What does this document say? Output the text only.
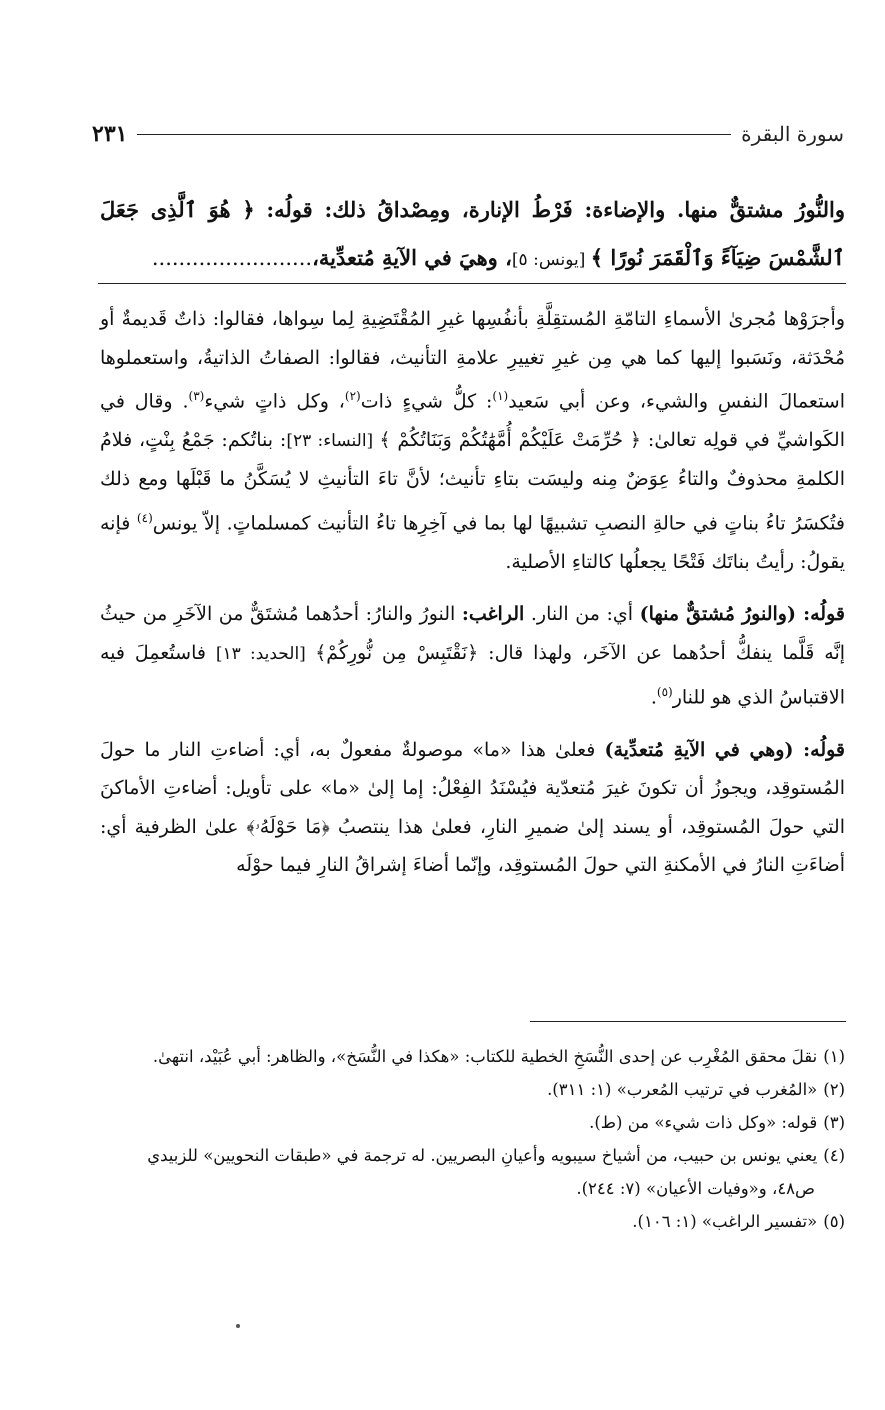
سورة البقرة
٢٣١
والنُّورُ مشتقٌّ منها. والإضاءة: فَرْطُ الإنارة، ومِصْداقُ ذلك: قولُه: ﴿ هُوَ ٱلَّذِى جَعَلَ ٱلشَّمْسَ ضِيَآءً وَٱلْقَمَرَ نُورًا ﴾ [يونس: ٥]، وهيَ في الآيةِ مُتعدِّية،........................

وأجرَوْها مُجرىٰ الأسماءِ التامّةِ المُستقِلَّةِ بأنفُسِها غيرِ المُقْتَضِيةِ لِما سِواها، فقالوا: ذاتٌ قَديمةٌ أو مُحْدَثة، ونَسَبوا إليها كما هي مِن غيرِ تغييرِ علامةِ التأنيث، فقالوا: الصفاتُ الذاتيةُ، واستعملوها استعمالَ النفسِ والشيء، وعن أبي سَعيد$^{(١)}$: كلُّ شيءٍ ذات$^{(٢)}$، وكل ذاتٍ شيء$^{(٣)}$. وقال في الكَواشيِّ في قولِه تعالىٰ: ﴿ حُرِّمَتْ عَلَيْكُمْ أُمَّهَٰتُكُمْ وَبَنَاتُكُمْ ﴾ [النساء: ٢٣]: بناتُكم: جَمْعُ بِنْتٍ، فلامُ الكلمةِ محذوفٌ والتاءُ عِوَضٌ مِنه وليسَت بتاءِ تأنيث؛ لأنَّ تاءَ التأنيثِ لا يُسَكَّنُ ما قَبْلَها ومع ذلك فتُكسَرُ تاءُ بناتٍ في حالةِ النصبِ تشبيهًا لها بما في آخِرِها تاءُ التأنيث كمسلماتٍ. إلاّ يونس$^{(٤)}$ فإنه يقولُ: رأيتُ بناتَك فَتْحًا يجعلُها كالتاءِ الأصلية.

قولُه: (والنورُ مُشتقٌّ منها) أي: من النار. الراغب: النورُ والنارُ: أحدُهما مُشتَقٌّ من الآخَرِ من حيثُ إنَّه قَلَّما ينفكُّ أحدُهما عن الآخَر، ولهذا قال: ﴿نَقْتَبِسْ مِن نُّورِكُمْ﴾ [الحديد: ١٣] فاستُعمِلَ فيه الاقتباسُ الذي هو للنار$^{(٥)}$.

قولُه: (وهي في الآيةِ مُتعدِّية) فعلىٰ هذا «ما» موصولةٌ مفعولٌ به، أي: أضاءتِ النار ما حولَ المُستوقِد، ويجوزُ أن تكونَ غيرَ مُتعدّية فيُسْنَدُ الفِعْلُ: إما إلىٰ «ما» على تأويل: أضاءتِ الأماكنَ التي حولَ المُستوقِد، أو يسند إلىٰ ضميرِ النارِ، فعلىٰ هذا ينتصبُ ﴿مَا حَوْلَهُۥ﴾ علىٰ الظرفية أي: أضاءَتِ النارُ في الأمكنةِ التي حولَ المُستوقِد، وإنّما أضاءَ إشراقُ النارِ فيما حوْلَه

(١)نقلَ محقق المُغْرِب عن إحدى النُّسَخِ الخطية للكتاب: «هكذا في النُّسَخ»، والظاهر: أبي عُبَيْد، انتهىٰ.

(٢)«المُغرب في ترتيب المُعرب» (١: ٣١١).

(٣)قوله: «وكل ذات شيء» من (ط).

(٤)يعني يونس بن حبيب، من أشياخ سيبويه وأعيانِ البصريين. له ترجمة في «طبقات النحويين» للزبيدي

ص٤٨، و«وفيات الأعيان» (٧: ٢٤٤).

(٥)«تفسير الراغب» (١: ١٠٦).
